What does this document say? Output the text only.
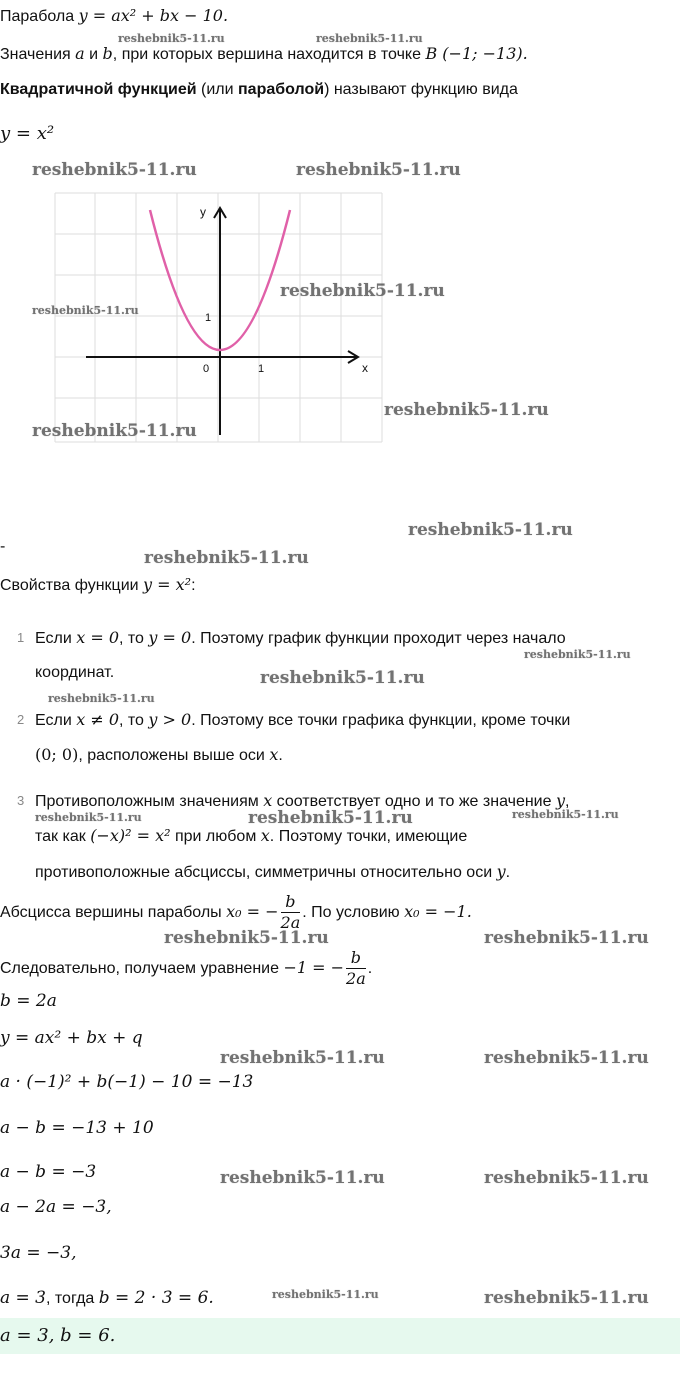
Парабола y = ax² + bx − 10.
Значения a и b, при которых вершина находится в точке B (−1; −13).
Квадратичной функцией (или параболой) называют функцию вида
y = x²
y
x
1
0	1
-
Свойства функции y = x²:
1 Если x = 0, то y = 0. Поэтому график функции проходит через начало
координат.
2 Если x ≠ 0, то y > 0. Поэтому все точки графика функции, кроме точки
(0; 0), расположены выше оси x.
3 Противоположным значениям x соответствует одно и то же значение y,
так как (−x)² = x² при любом x. Поэтому точки, имеющие
противоположные абсциссы, симметричны относительно оси y.
Абсцисса вершины параболы x₀ = − $\frac{b}{2a}$ . По условию x₀ = −1.
Следовательно, получаем уравнение −1 = − $\frac{b}{2a}$ .
b = 2a
y = ax² + bx + q
a · (−1)² + b(−1) − 10 = −13
a − b = −13 + 10
a − b = −3
a − 2a = −3,
3a = −3,
a = 3, тогда b = 2 · 3 = 6.
a = 3, b = 6.
reshebnik5-11.ru	reshebnik5-11.ru
reshebnik5-11.ru	reshebnik5-11.ru
reshebnik5-11.ru
reshebnik5-11.ru
reshebnik5-11.ru
reshebnik5-11.ru
reshebnik5-11.ru
reshebnik5-11.ru
reshebnik5-11.ru
reshebnik5-11.ru
reshebnik5-11.ru
reshebnik5-11.ru	reshebnik5-11.ru	reshebnik5-11.ru
reshebnik5-11.ru	reshebnik5-11.ru
reshebnik5-11.ru	reshebnik5-11.ru
reshebnik5-11.ru	reshebnik5-11.ru
reshebnik5-11.ru	reshebnik5-11.ru
